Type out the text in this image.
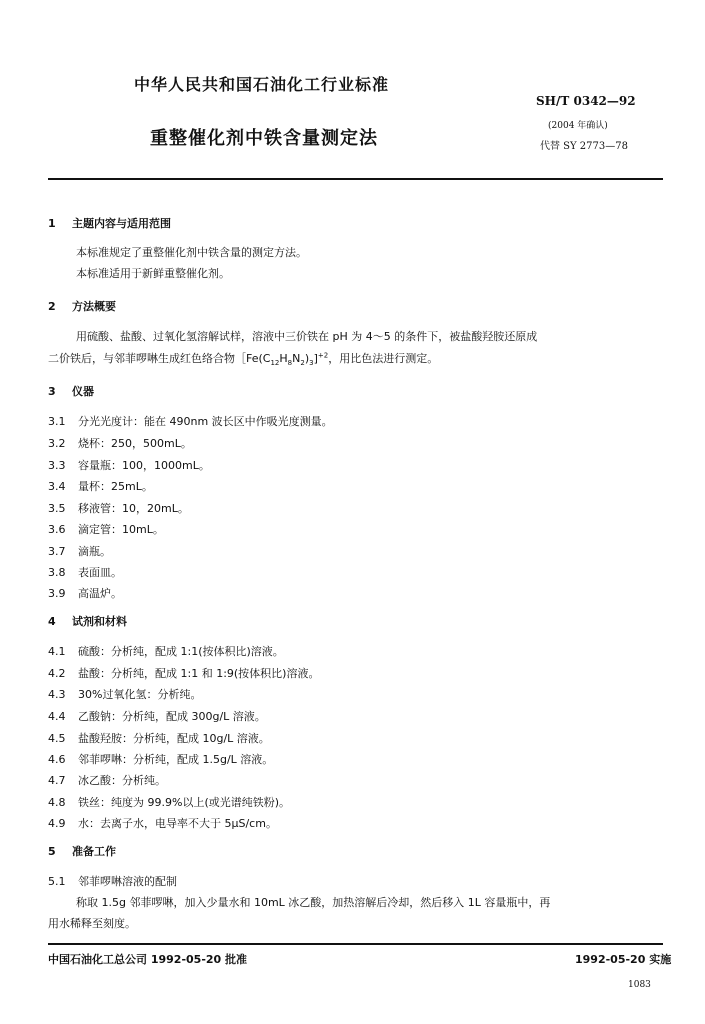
中华人民共和国石油化工行业标准
SH/T 0342—92
(2004 年确认)
代替 SY 2773—78
重整催化剂中铁含量测定法
1 主题内容与适用范围
本标准规定了重整催化剂中铁含量的测定方法。
本标准适用于新鲜重整催化剂。
2 方法概要
用硫酸、盐酸、过氧化氢溶解试样，溶液中三价铁在 pH 为 4～5 的条件下，被盐酸羟胺还原成
二价铁后，与邻菲啰啉生成红色络合物$[Fe(C_{12}H_8N_2)_3]^{+2}$，用比色法进行测定。
3 仪器
3.1 分光光度计：能在 490nm 波长区中作吸光度测量。
3.2 烧杯：250，500mL。
3.3 容量瓶：100，1000mL。
3.4 量杯：25mL。
3.5 移液管：10，20mL。
3.6 滴定管：10mL。
3.7 滴瓶。
3.8 表面皿。
3.9 高温炉。
4 试剂和材料
4.1 硫酸：分析纯，配成 1:1(按体积比)溶液。
4.2 盐酸：分析纯，配成 1:1 和 1:9(按体积比)溶液。
4.3 30%过氧化氢：分析纯。
4.4 乙酸钠：分析纯，配成 300g/L 溶液。
4.5 盐酸羟胺：分析纯，配成 10g/L 溶液。
4.6 邻菲啰啉：分析纯，配成 1.5g/L 溶液。
4.7 冰乙酸：分析纯。
4.8 铁丝：纯度为 99.9%以上(或光谱纯铁粉)。
4.9 水：去离子水，电导率不大于 5μS/cm。
5 准备工作
5.1 邻菲啰啉溶液的配制
称取 1.5g 邻菲啰啉，加入少量水和 10mL 冰乙酸，加热溶解后冷却，然后移入 1L 容量瓶中，再
用水稀释至刻度。
中国石油化工总公司 1992-05-20 批准	1992-05-20 实施
1083
